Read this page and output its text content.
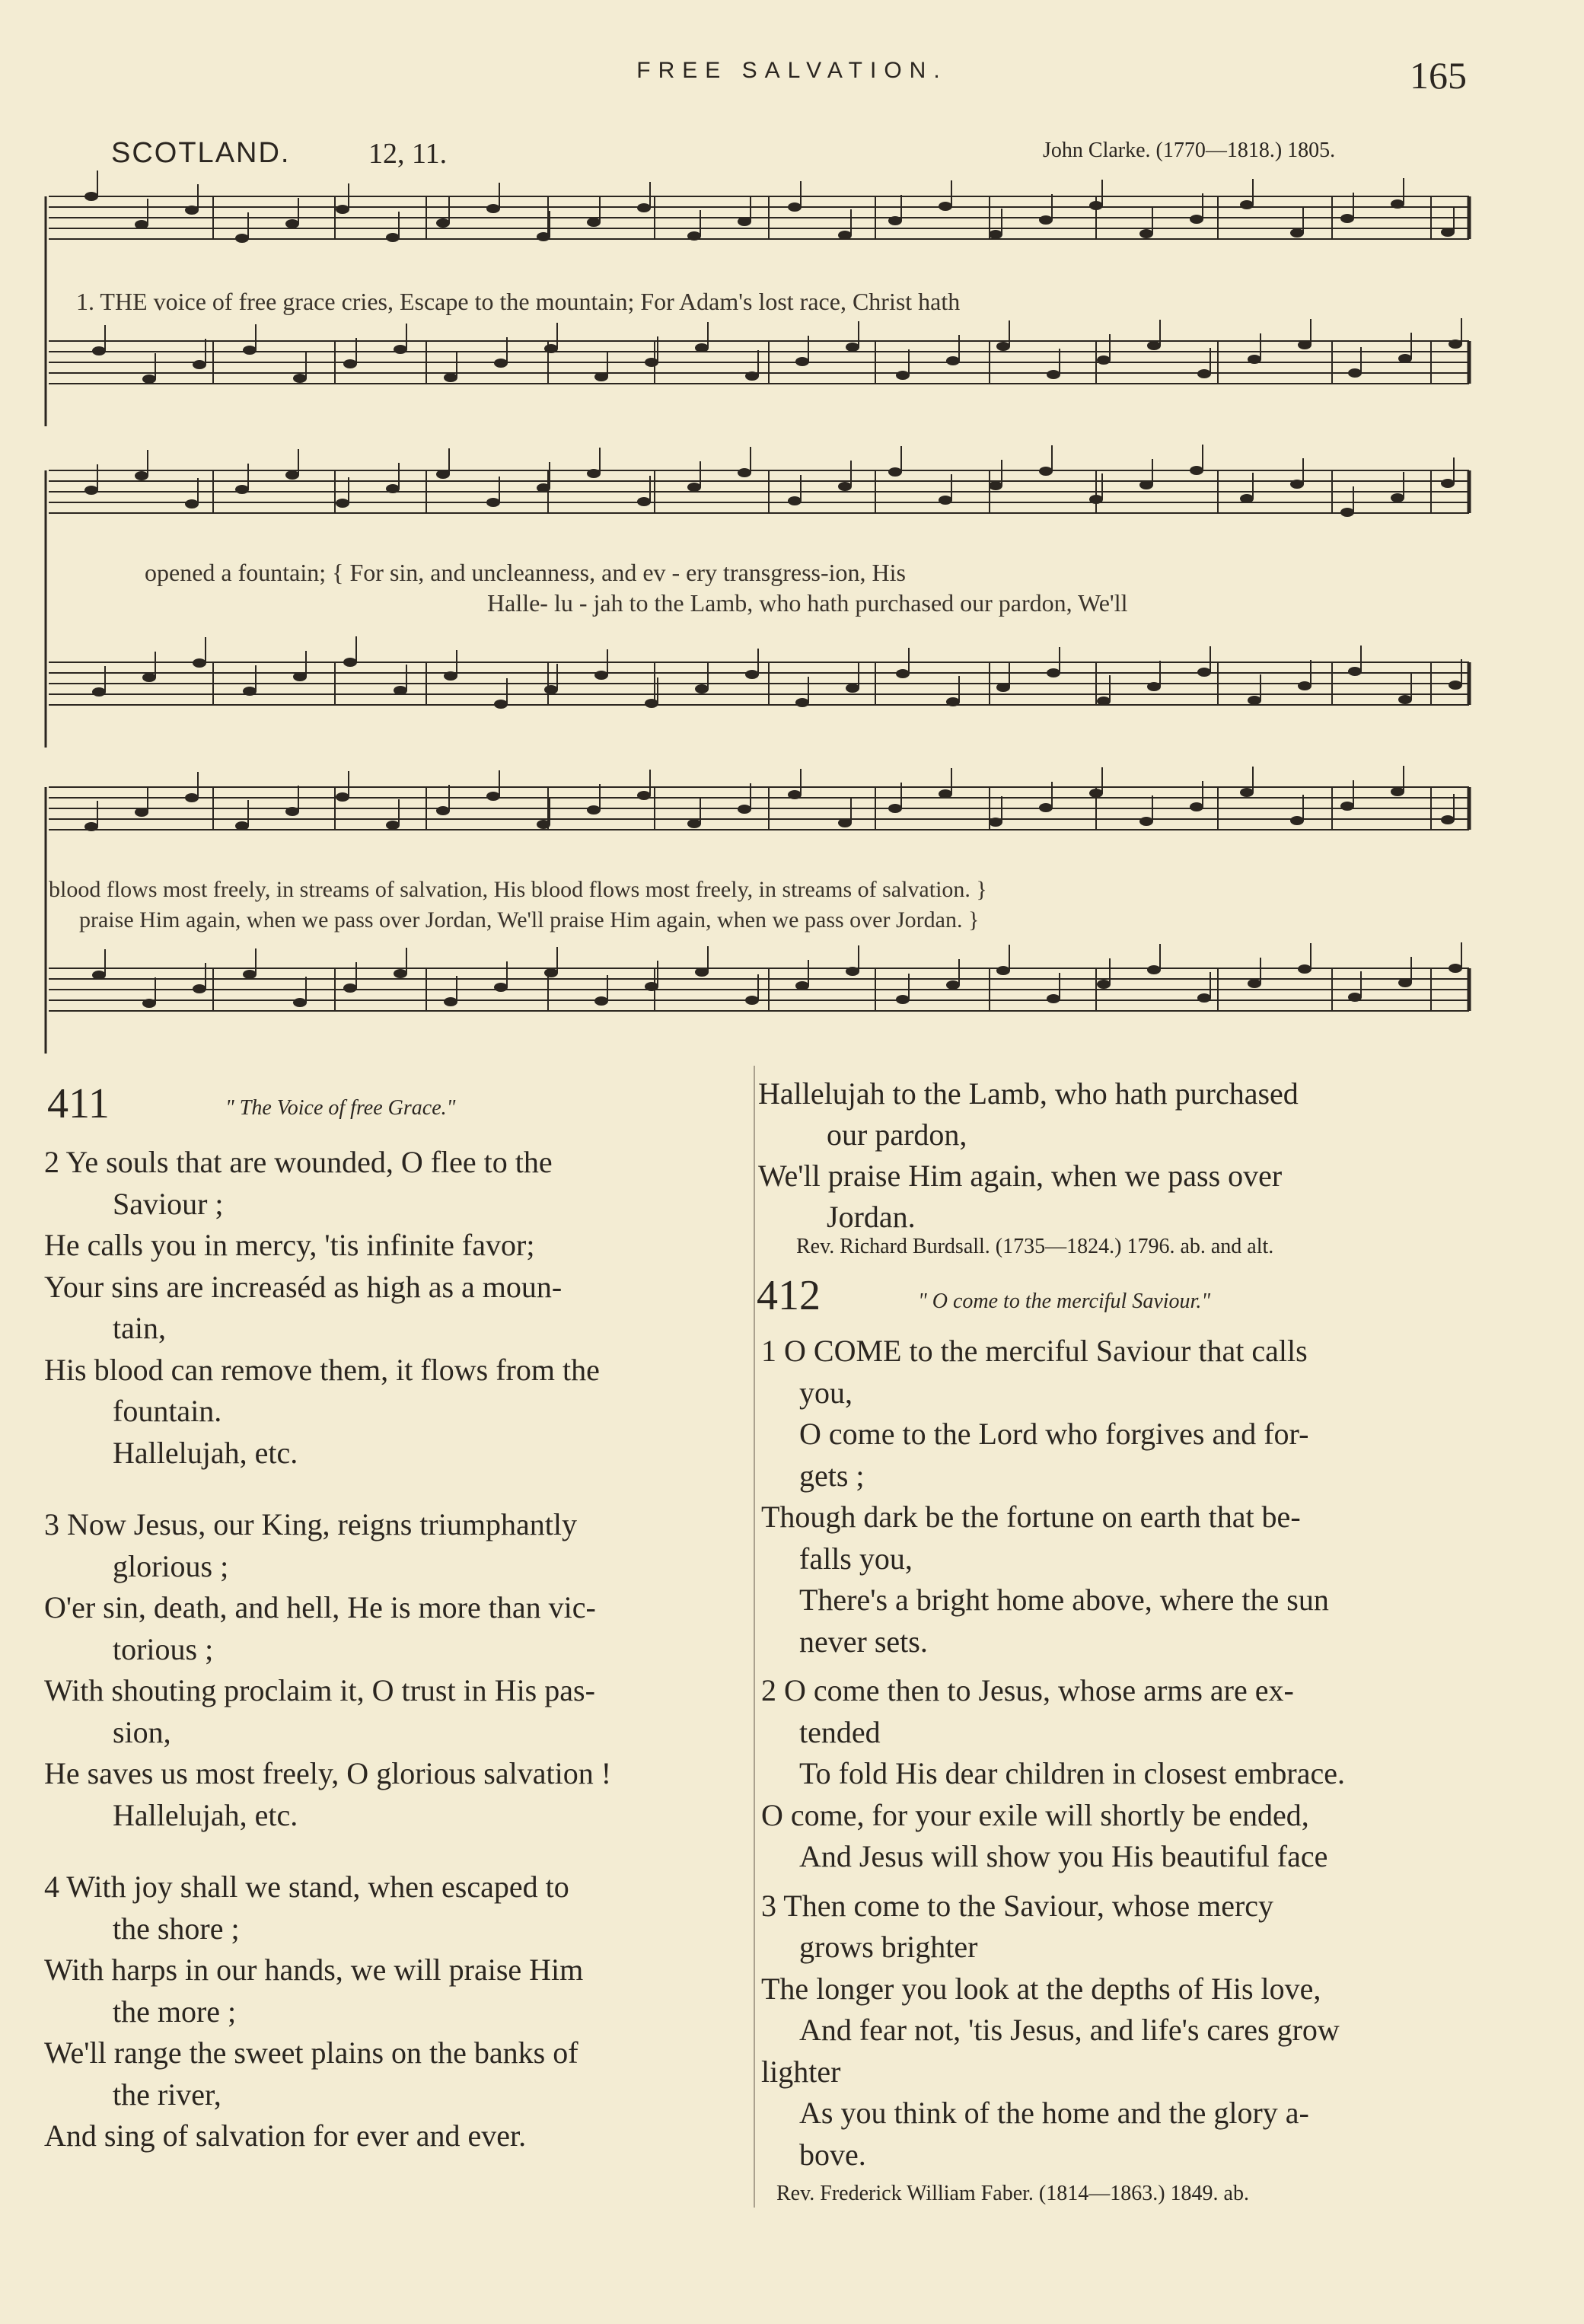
FREE SALVATION.	165
SCOTLAND.	12, 11.	John Clarke. (1770—1818.) 1805.
1. THE voice of free grace cries, Escape to the mountain; For Adam's lost race, Christ hath
opened a fountain; { For sin, and uncleanness, and ev - ery transgress-ion, His
Halle- lu - jah to the Lamb, who hath purchased our pardon, We'll
blood flows most freely, in streams of salvation, His blood flows most freely, in streams of salvation. }
praise Him again, when we pass over Jordan, We'll praise Him again, when we pass over Jordan. }
411	" The Voice of free Grace."
2 Ye souls that are wounded, O flee to the
Saviour ;
He calls you in mercy, 'tis infinite favor;
Your sins are increaséd as high as a moun-
tain,
His blood can remove them, it flows from the
fountain.
Hallelujah, etc.
3 Now Jesus, our King, reigns triumphantly
glorious ;
O'er sin, death, and hell, He is more than vic-
torious ;
With shouting proclaim it, O trust in His pas-
sion,
He saves us most freely, O glorious salvation !
Hallelujah, etc.
4 With joy shall we stand, when escaped to
the shore ;
With harps in our hands, we will praise Him
the more ;
We'll range the sweet plains on the banks of
the river,
And sing of salvation for ever and ever.
Hallelujah to the Lamb, who hath purchased
our pardon,
We'll praise Him again, when we pass over
Jordan.
Rev. Richard Burdsall. (1735—1824.) 1796. ab. and alt.
412	" O come to the merciful Saviour."
1 O COME to the merciful Saviour that calls
you,
O come to the Lord who forgives and for-
gets ;
Though dark be the fortune on earth that be-
falls you,
There's a bright home above, where the sun
never sets.
2 O come then to Jesus, whose arms are ex-
tended
To fold His dear children in closest embrace.
O come, for your exile will shortly be ended,
And Jesus will show you His beautiful face
3 Then come to the Saviour, whose mercy
grows brighter
The longer you look at the depths of His love,
And fear not, 'tis Jesus, and life's cares grow
lighter
As you think of the home and the glory a-
bove.
Rev. Frederick William Faber. (1814—1863.) 1849. ab.
